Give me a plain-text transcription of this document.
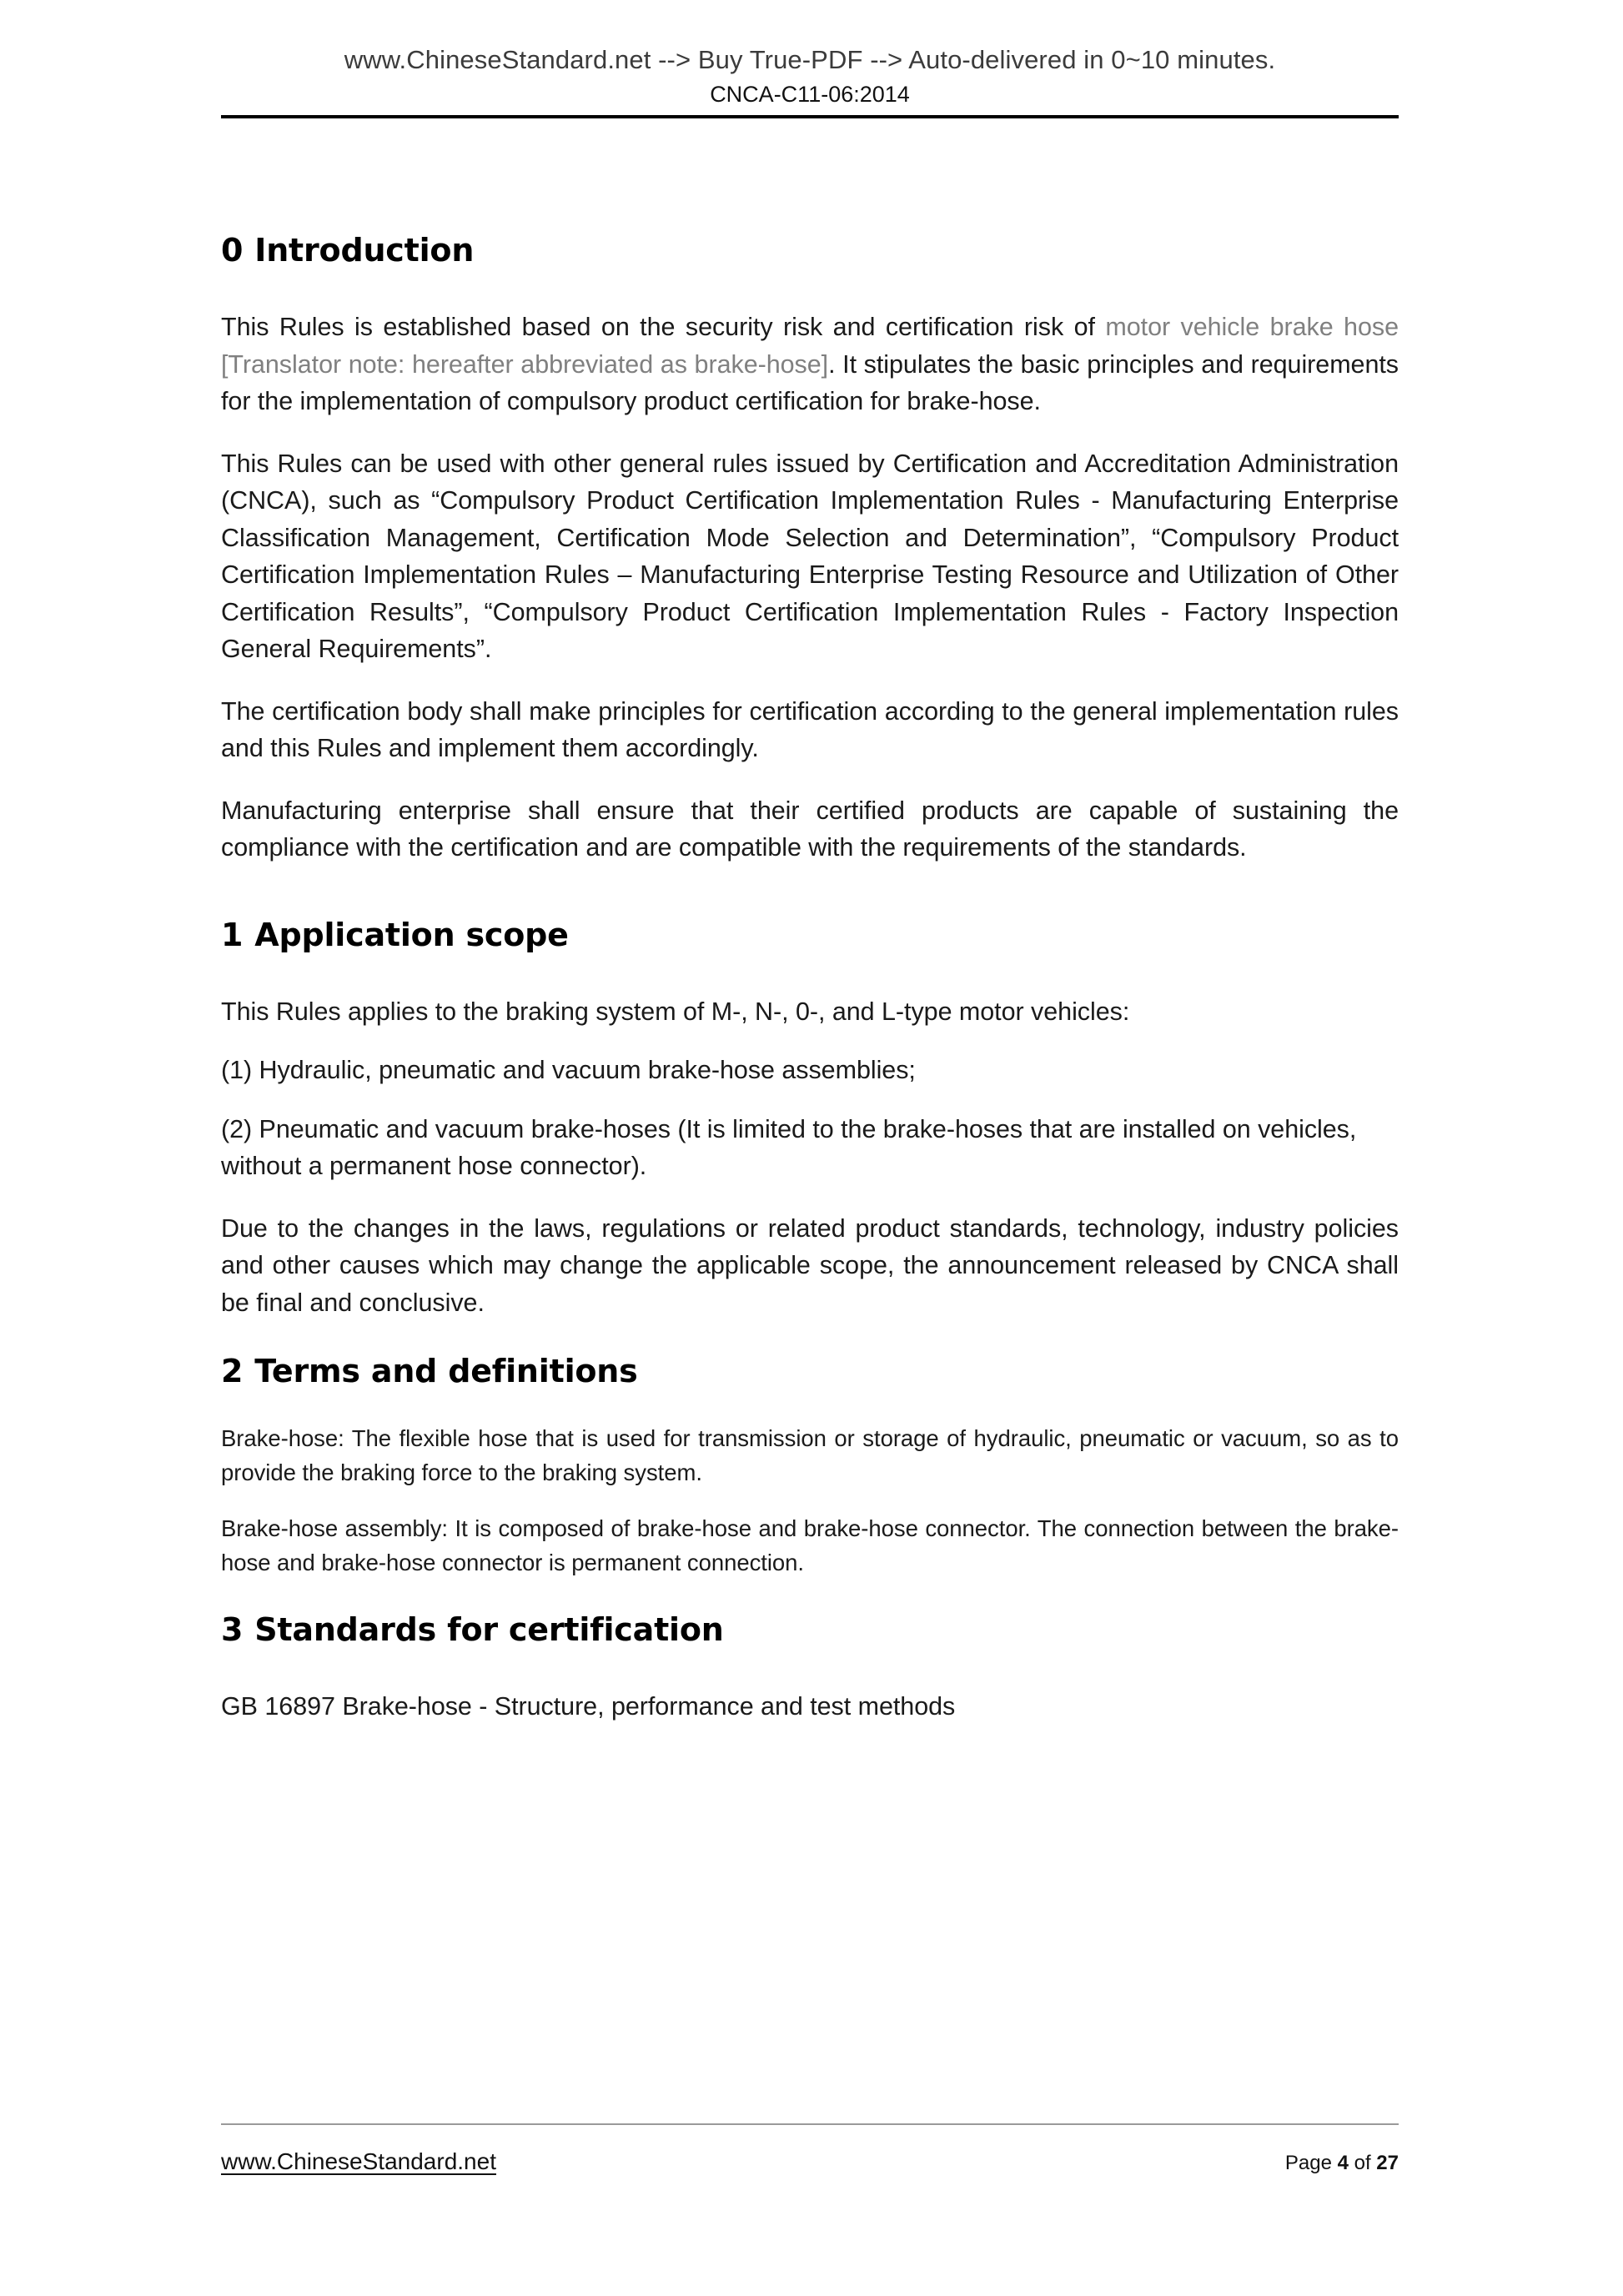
www.ChineseStandard.net --> Buy True-PDF --> Auto-delivered in 0~10 minutes.
CNCA-C11-06:2014
0 Introduction

This Rules is established based on the security risk and certification risk of motor vehicle brake hose [Translator note: hereafter abbreviated as brake-hose]. It stipulates the basic principles and requirements for the implementation of compulsory product certification for brake-hose.

This Rules can be used with other general rules issued by Certification and Accreditation Administration (CNCA), such as “Compulsory Product Certification Implementation Rules - Manufacturing Enterprise Classification Management, Certification Mode Selection and Determination”, “Compulsory Product Certification Implementation Rules – Manufacturing Enterprise Testing Resource and Utilization of Other Certification Results”, “Compulsory Product Certification Implementation Rules - Factory Inspection General Requirements”.

The certification body shall make principles for certification according to the general implementation rules and this Rules and implement them accordingly.

Manufacturing enterprise shall ensure that their certified products are capable of sustaining the compliance with the certification and are compatible with the requirements of the standards.

1 Application scope

This Rules applies to the braking system of M-, N-, 0-, and L-type motor vehicles:

(1) Hydraulic, pneumatic and vacuum brake-hose assemblies;

(2) Pneumatic and vacuum brake-hoses (It is limited to the brake-hoses that are installed on vehicles, without a permanent hose connector).

Due to the changes in the laws, regulations or related product standards, technology, industry policies and other causes which may change the applicable scope, the announcement released by CNCA shall be final and conclusive.

2 Terms and definitions

Brake-hose: The flexible hose that is used for transmission or storage of hydraulic, pneumatic or vacuum, so as to provide the braking force to the braking system.

Brake-hose assembly: It is composed of brake-hose and brake-hose connector. The connection between the brake-hose and brake-hose connector is permanent connection.

3 Standards for certification

GB 16897 Brake-hose - Structure, performance and test methods

www.ChineseStandard.net	Page 4 of 27
